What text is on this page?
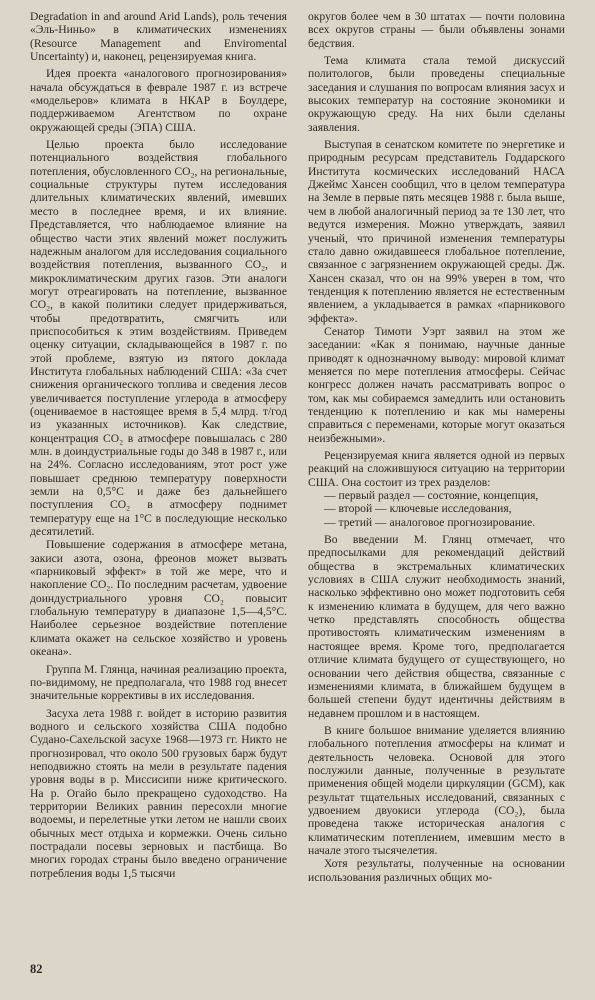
Degradation in and around Arid Lands), роль течения «Эль-Ниньо» в климатических изменениях (Resource Management and Enviromental Uncertainty) и, наконец, рецензируемая книга.

Идея проекта «аналогового прогнозирования» начала обсуждаться в феврале 1987 г. из встрече «модельеров» климата в НКАР в Боулдере, поддерживаемом Агентством по охране окружающей среды (ЭПА) США.

Целью проекта было исследование потенциального воздействия глобального потепления, обусловленного CO₂, на региональные, социальные структуры путем исследования длительных климатических явлений, имевших место в последнее время, и их влияние. Представляется, что наблюдаемое влияние на общество части этих явлений может послужить надежным аналогом для исследования социального воздействия потепления, вызванного CO₂, и микроклиматическим других газов. Эти аналоги могут отреагировать на потепление, вызванное CO₂, в какой политики следует придерживаться, чтобы предотвратить, смягчить или приспособиться к этим воздействиям. Приведем оценку ситуации, складывающейся в 1987 г. по этой проблеме, взятую из пятого доклада Института глобальных наблюдений США: «За счет снижения органического топлива и сведения лесов увеличивается поступление углерода в атмосферу (оцениваемое в настоящее время в 5,4 млрд. т/год из указанных источников). Как следствие, концентрация CO₂ в атмосфере повышалась с 280 млн. в доиндустриальные годы до 348 в 1987 г., или на 24%. Согласно исследованиям, этот рост уже повышает среднюю температуру поверхности земли на 0,5°C и даже без дальнейшего поступления CO₂ в атмосферу поднимет температуру еще на 1°C в последующие несколько десятилетий.

Повышение содержания в атмосфере метана, закиси азота, озона, фреонов может вызвать «парниковый эффект» в той же мере, что и накопление CO₂. По последним расчетам, удвоение доиндустриального уровня CO₂ повысит глобальную температуру в диапазоне 1,5—4,5°C. Наиболее серьезное воздействие потепление климата окажет на сельское хозяйство и уровень океана».

Группа М. Глянца, начиная реализацию проекта, по-видимому, не предполагала, что 1988 год внесет значительные коррективы в их исследования.

Засуха лета 1988 г. войдет в историю развития водного и сельского хозяйства США подобно Судано-Сахельской засухе 1968—1973 гг. Никто не прогнозировал, что около 500 грузовых барж будут неподвижно стоять на мели в результате падения уровня воды в р. Миссисипи ниже критического. На р. Огайо было прекращено судоходство. На территории Великих равнин пересохли многие водоемы, и перелетные утки летом не нашли своих обычных мест отдыха и кормежки. Очень сильно пострадали посевы зерновых и пастбища. Во многих городах страны было введено ограничение потребления воды 1,5 тысячи

округов более чем в 30 штатах — почти половина всех округов страны — были объявлены зонами бедствия.

Тема климата стала темой дискуссий политологов, были проведены специальные заседания и слушания по вопросам влияния засух и высоких температур на состояние экономики и окружающую среду. На них были сделаны заявления.

Выступая в сенатском комитете по энергетике и природным ресурсам представитель Годдарского Института космических исследований НАСА Джеймс Хансен сообщил, что в целом температура на Земле в первые пять месяцев 1988 г. была выше, чем в любой аналогичный период за те 130 лет, что ведутся измерения. Можно утверждать, заявил ученый, что причиной изменения температуры стало давно ожидавшееся глобальное потепление, связанное с загрязнением окружающей среды. Дж. Хансен сказал, что он на 99% уверен в том, что тенденция к потеплению является не естественным явлением, а укладывается в рамках «парникового эффекта».

Сенатор Тимоти Уэрт заявил на этом же заседании: «Как я понимаю, научные данные приводят к однозначному выводу: мировой климат меняется по мере потепления атмосферы. Сейчас конгресс должен начать рассматривать вопрос о том, как мы собираемся замедлить или остановить тенденцию к потеплению и как мы намерены справиться с переменами, которые могут оказаться неизбежными».

Рецензируемая книга является одной из первых реакций на сложившуюся ситуацию на территории США. Она состоит из трех разделов:

— первый раздел — состояние, концепция,
— второй — ключевые исследования,
— третий — аналоговое прогнозирование.

Во введении М. Глянц отмечает, что предпосылками для рекомендаций действий общества в экстремальных климатических условиях в США служит необходимость знаний, насколько эффективно оно может подготовить себя к изменению климата в будущем, для чего важно четко представлять способность общества противостоять климатическим изменениям в настоящее время. Кроме того, предполагается отличие климата будущего от существующего, но основании чего действия общества, связанные с изменениями климата, в ближайшем будущем в большей степени будут идентичны действиям в недавнем прошлом и в настоящем.

В книге большое внимание уделяется влиянию глобального потепления атмосферы на климат и деятельность человека. Основой для этого послужили данные, полученные в результате применения общей модели циркуляции (GCM), как результат тщательных исследований, связанных с удвоением двуокиси углерода (CO₂), была проведена также историческая аналогия с климатическим потеплением, имевшим место в начале этого тысячелетия.

Хотя результаты, полученные на основании использования различных общих мо-

82
